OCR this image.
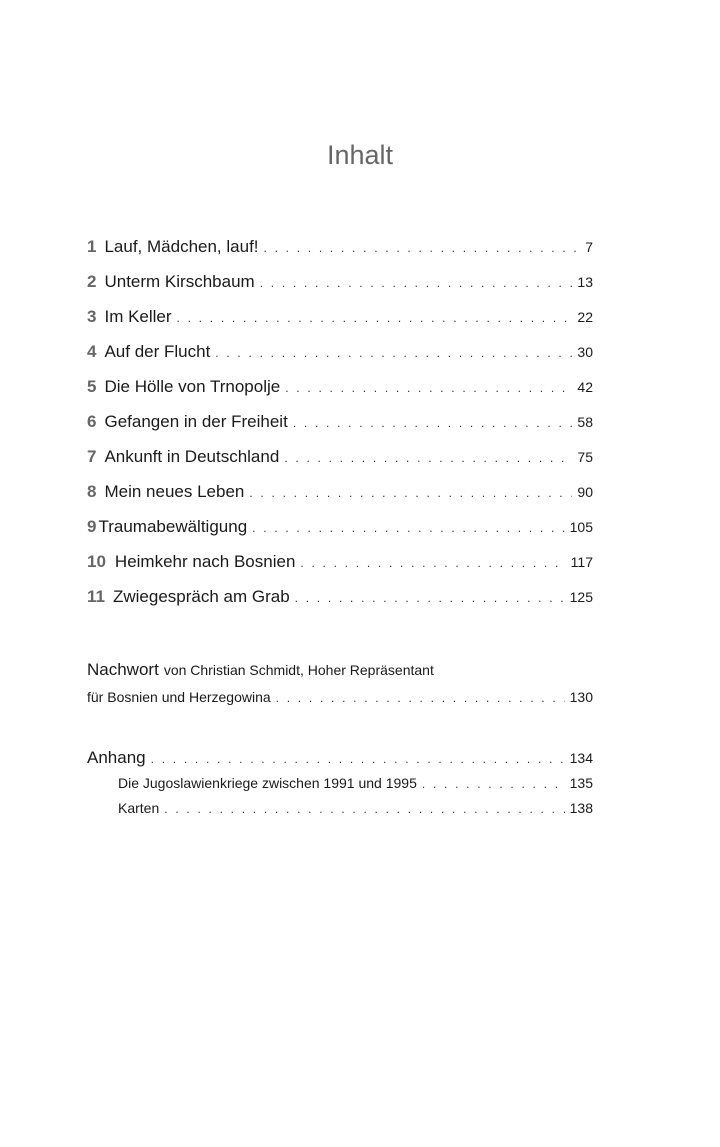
Inhalt
1 Lauf, Mädchen, lauf! . . .	7
2 Unterm Kirschbaum . . .	13
3 Im Keller . . .	22
4 Auf der Flucht . . .	30
5 Die Hölle von Trnopolje . . .	42
6 Gefangen in der Freiheit . . .	58
7 Ankunft in Deutschland . . .	75
8 Mein neues Leben . . .	90
9 Traumabewältigung . . .	105
10 Heimkehr nach Bosnien . . .	117
11 Zwiegespräch am Grab . . .	125
Nachwort von Christian Schmidt, Hoher Repräsentant
für Bosnien und Herzegowina . . .	130
Anhang . . .	134
Die Jugoslawienkriege zwischen 1991 und 1995 . . .	135
Karten . . .	138
